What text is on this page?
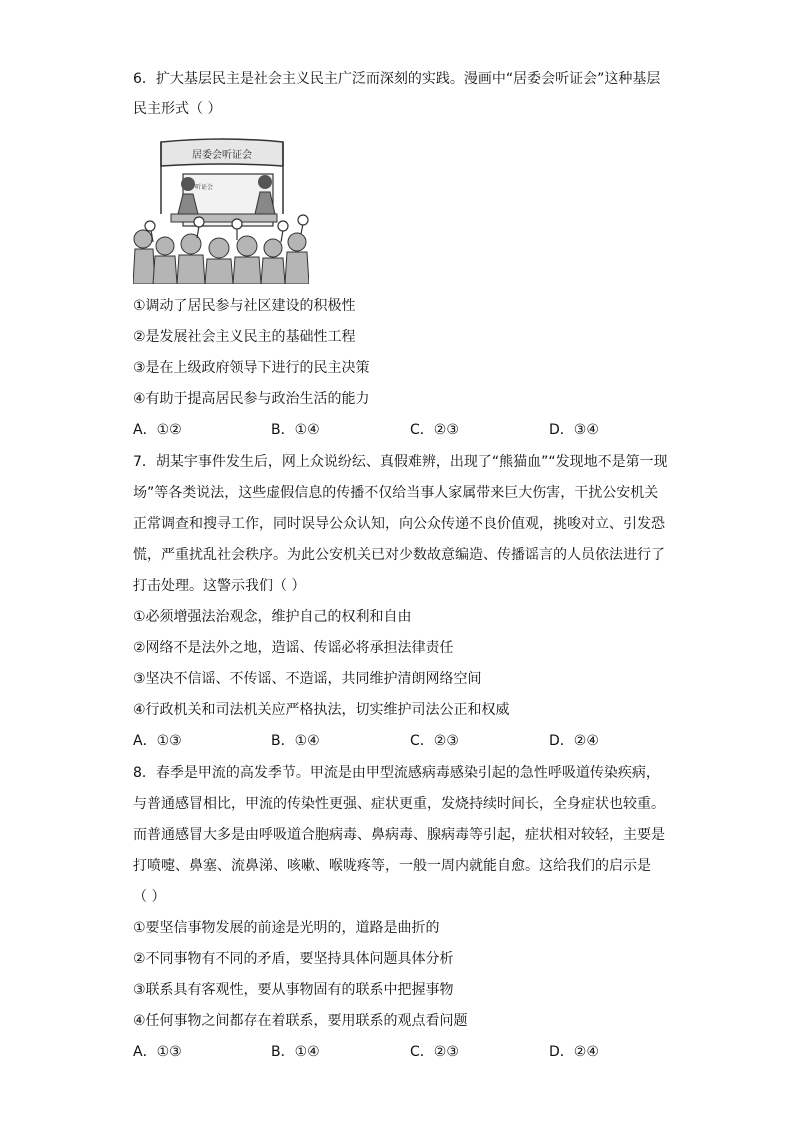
6．扩大基层民主是社会主义民主广泛而深刻的实践。漫画中“居委会听证会”这种基层
民主形式（ ）
居委会听证会
听证会
①调动了居民参与社区建设的积极性
②是发展社会主义民主的基础性工程
③是在上级政府领导下进行的民主决策
④有助于提高居民参与政治生活的能力
A．①②	B．①④	C．②③	D．③④
7．胡某宇事件发生后，网上众说纷纭、真假难辨，出现了“熊猫血”“发现地不是第一现
场”等各类说法，这些虚假信息的传播不仅给当事人家属带来巨大伤害，干扰公安机关
正常调查和搜寻工作，同时误导公众认知，向公众传递不良价值观，挑唆对立、引发恐
慌，严重扰乱社会秩序。为此公安机关已对少数故意编造、传播谣言的人员依法进行了
打击处理。这警示我们（ ）
①必须增强法治观念，维护自己的权利和自由
②网络不是法外之地，造谣、传谣必将承担法律责任
③坚决不信谣、不传谣、不造谣，共同维护清朗网络空间
④行政机关和司法机关应严格执法，切实维护司法公正和权威
A．①③	B．①④	C．②③	D．②④
8．春季是甲流的高发季节。甲流是由甲型流感病毒感染引起的急性呼吸道传染疾病，
与普通感冒相比，甲流的传染性更强、症状更重，发烧持续时间长，全身症状也较重。
而普通感冒大多是由呼吸道合胞病毒、鼻病毒、腺病毒等引起，症状相对较轻，主要是
打喷嚏、鼻塞、流鼻涕、咳嗽、喉咙疼等，一般一周内就能自愈。这给我们的启示是
（ ）
①要坚信事物发展的前途是光明的，道路是曲折的
②不同事物有不同的矛盾，要坚持具体问题具体分析
③联系具有客观性，要从事物固有的联系中把握事物
④任何事物之间都存在着联系，要用联系的观点看问题
A．①③	B．①④	C．②③	D．②④
